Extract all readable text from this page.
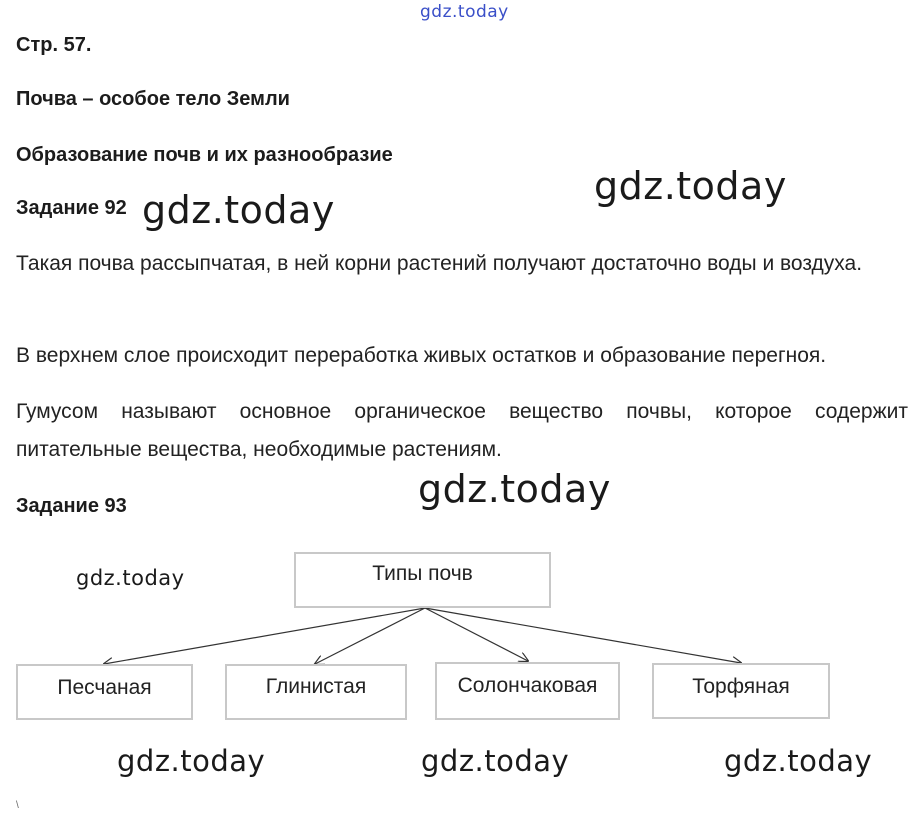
gdz.today
Стр. 57.
Почва – особое тело Земли
Образование почв и их разнообразие
Задание 92
Такая почва рассыпчатая, в ней корни растений получают достаточно воды и воздуха.
В верхнем слое происходит переработка живых остатков и образование перегноя.
Гумусом называют основное органическое вещество почвы, которое содержит питательные вещества, необходимые растениям.
Задание 93
Типы почв
Песчаная	Глинистая	Солончаковая	Торфяная
gdz.today
gdz.today
gdz.today
gdz.today
gdz.today	gdz.today	gdz.today
\
